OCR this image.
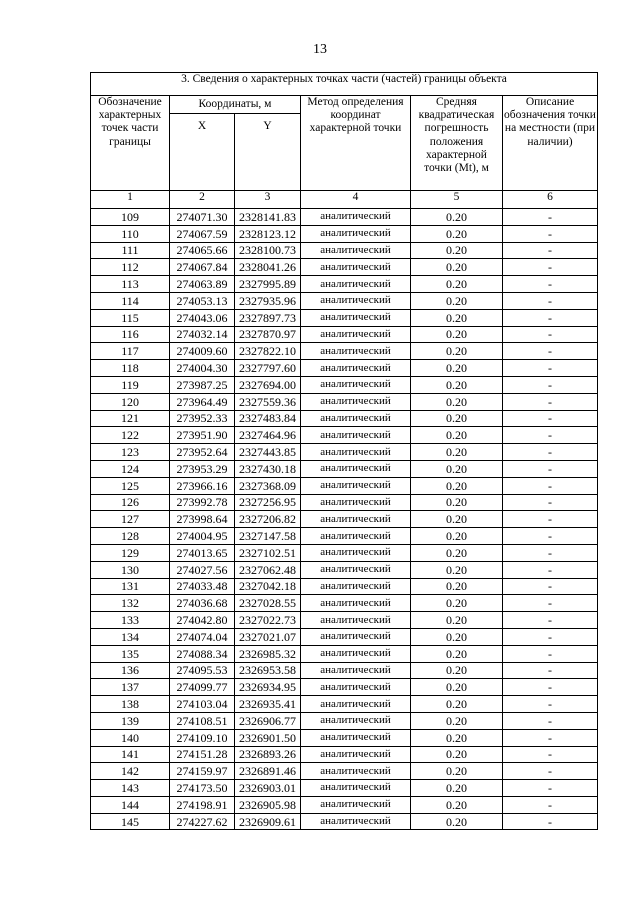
13
3. Сведения о характерных точках части (частей) границы объекта					
Обозначение характерных точек части границы	Координаты, м		Метод определения координат характерной точки	Средняя квадратическая погрешность положения характерной точки (Mt), м	Описание обозначения точки на местности (при наличии)
	X	Y			
1	2	3	4	5	6
109	274071.30	2328141.83	аналитический	0.20	-
110	274067.59	2328123.12	аналитический	0.20	-
111	274065.66	2328100.73	аналитический	0.20	-
112	274067.84	2328041.26	аналитический	0.20	-
113	274063.89	2327995.89	аналитический	0.20	-
114	274053.13	2327935.96	аналитический	0.20	-
115	274043.06	2327897.73	аналитический	0.20	-
116	274032.14	2327870.97	аналитический	0.20	-
117	274009.60	2327822.10	аналитический	0.20	-
118	274004.30	2327797.60	аналитический	0.20	-
119	273987.25	2327694.00	аналитический	0.20	-
120	273964.49	2327559.36	аналитический	0.20	-
121	273952.33	2327483.84	аналитический	0.20	-
122	273951.90	2327464.96	аналитический	0.20	-
123	273952.64	2327443.85	аналитический	0.20	-
124	273953.29	2327430.18	аналитический	0.20	-
125	273966.16	2327368.09	аналитический	0.20	-
126	273992.78	2327256.95	аналитический	0.20	-
127	273998.64	2327206.82	аналитический	0.20	-
128	274004.95	2327147.58	аналитический	0.20	-
129	274013.65	2327102.51	аналитический	0.20	-
130	274027.56	2327062.48	аналитический	0.20	-
131	274033.48	2327042.18	аналитический	0.20	-
132	274036.68	2327028.55	аналитический	0.20	-
133	274042.80	2327022.73	аналитический	0.20	-
134	274074.04	2327021.07	аналитический	0.20	-
135	274088.34	2326985.32	аналитический	0.20	-
136	274095.53	2326953.58	аналитический	0.20	-
137	274099.77	2326934.95	аналитический	0.20	-
138	274103.04	2326935.41	аналитический	0.20	-
139	274108.51	2326906.77	аналитический	0.20	-
140	274109.10	2326901.50	аналитический	0.20	-
141	274151.28	2326893.26	аналитический	0.20	-
142	274159.97	2326891.46	аналитический	0.20	-
143	274173.50	2326903.01	аналитический	0.20	-
144	274198.91	2326905.98	аналитический	0.20	-
145	274227.62	2326909.61	аналитический	0.20	-
